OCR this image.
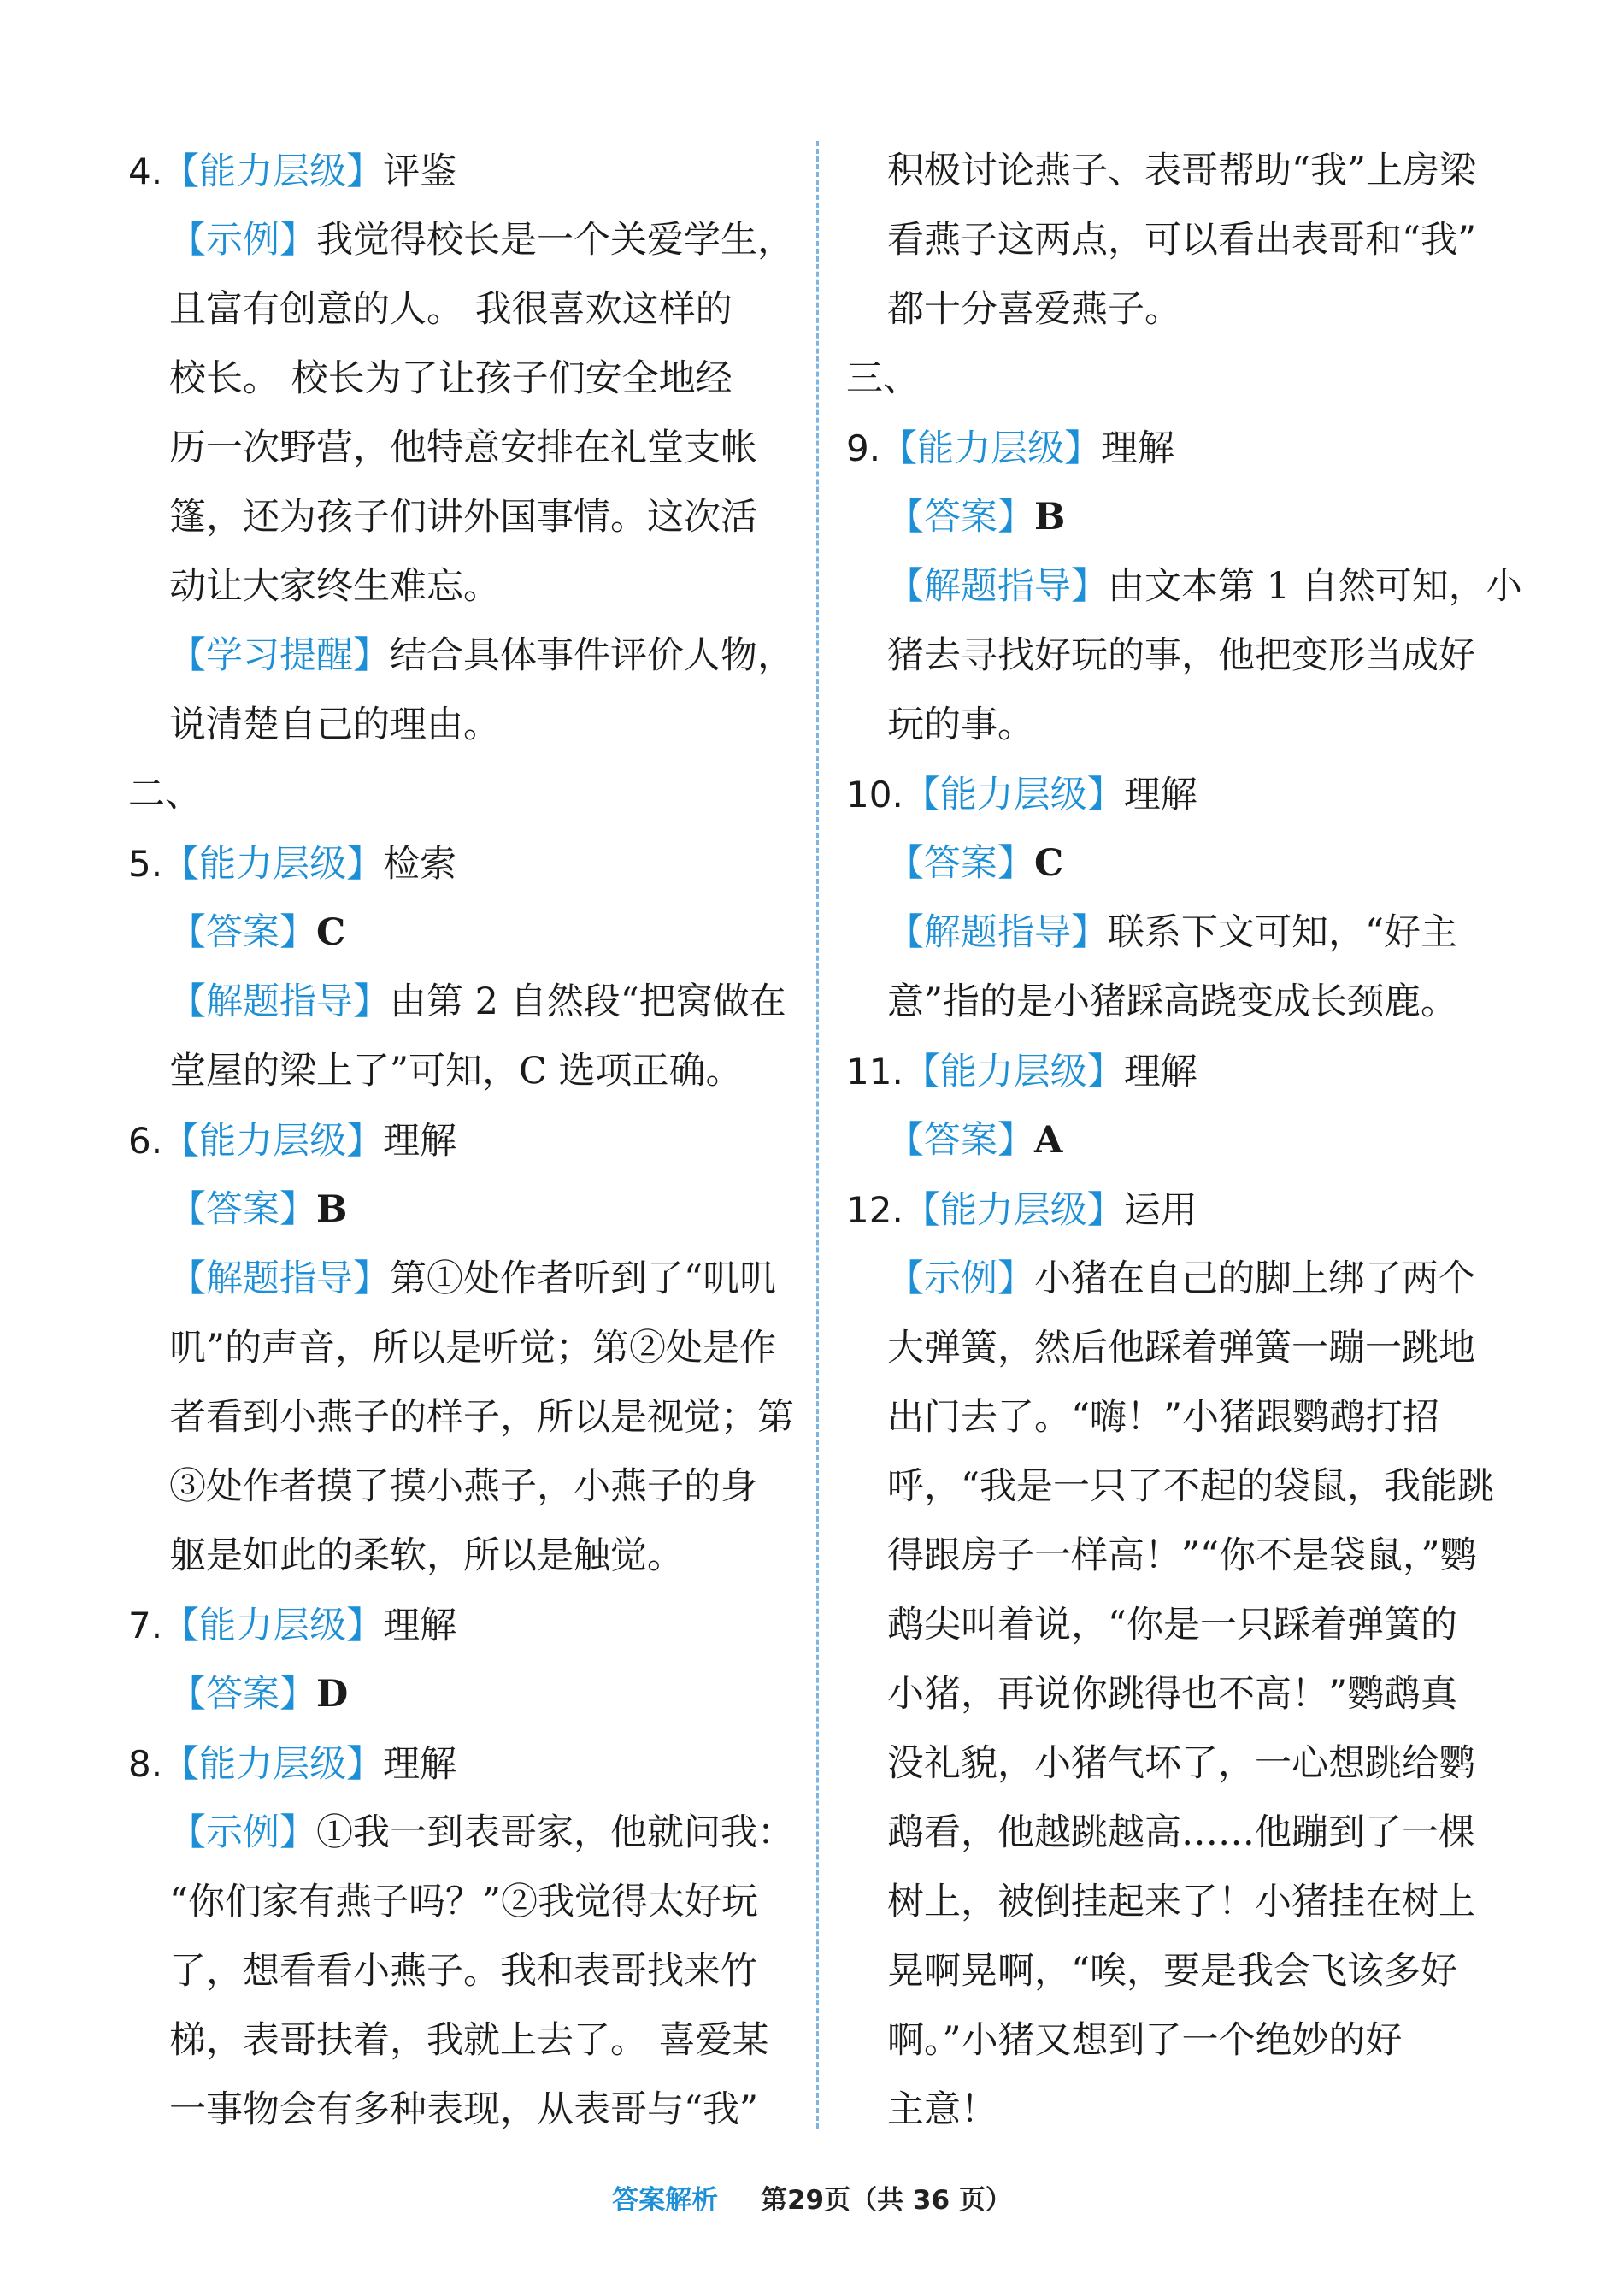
4.【能力层级】评鉴
【示例】我觉得校长是一个关爱学生，
且富有创意的人。 我很喜欢这样的
校长。 校长为了让孩子们安全地经
历一次野营，他特意安排在礼堂支帐
篷，还为孩子们讲外国事情。这次活
动让大家终生难忘。
【学习提醒】结合具体事件评价人物，
说清楚自己的理由。
二、
5.【能力层级】检索
【答案】C
【解题指导】由第 2 自然段“把窝做在
堂屋的梁上了”可知，C 选项正确。
6.【能力层级】理解
【答案】B
【解题指导】第①处作者听到了“叽叽
叽”的声音，所以是听觉；第②处是作
者看到小燕子的样子，所以是视觉；第
③处作者摸了摸小燕子，小燕子的身
躯是如此的柔软，所以是触觉。
7.【能力层级】理解
【答案】D
8.【能力层级】理解
【示例】①我一到表哥家，他就问我：
“你们家有燕子吗？”②我觉得太好玩
了，想看看小燕子。我和表哥找来竹
梯，表哥扶着，我就上去了。 喜爱某
一事物会有多种表现，从表哥与“我”
积极讨论燕子、表哥帮助“我”上房梁
看燕子这两点，可以看出表哥和“我”
都十分喜爱燕子。
三、
9.【能力层级】理解
【答案】B
【解题指导】由文本第 1 自然可知，小
猪去寻找好玩的事，他把变形当成好
玩的事。
10.【能力层级】理解
【答案】C
【解题指导】联系下文可知，“好主
意”指的是小猪踩高跷变成长颈鹿。
11.【能力层级】理解
【答案】A
12.【能力层级】运用
【示例】小猪在自己的脚上绑了两个
大弹簧，然后他踩着弹簧一蹦一跳地
出门去了。“嗨！”小猪跟鹦鹉打招
呼，“我是一只了不起的袋鼠，我能跳
得跟房子一样高！”“你不是袋鼠，”鹦
鹉尖叫着说，“你是一只踩着弹簧的
小猪，再说你跳得也不高！”鹦鹉真
没礼貌，小猪气坏了，一心想跳给鹦
鹉看，他越跳越高……他蹦到了一棵
树上，被倒挂起来了！小猪挂在树上
晃啊晃啊，“唉，要是我会飞该多好
啊。”小猪又想到了一个绝妙的好
主意！
答案解析 第29页（共 36 页）
